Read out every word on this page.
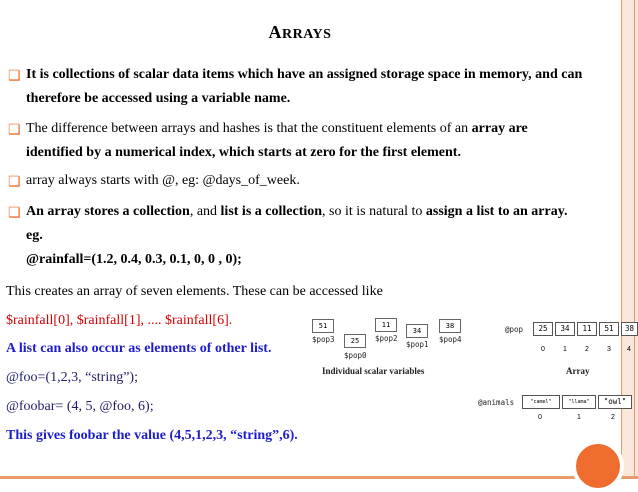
ARRAYS
❑ It is collections of scalar data items which have an assigned storage space in memory, and can therefore be accessed using a variable name.
❑ The difference between arrays and hashes is that the constituent elements of an array are identified by a numerical index, which starts at zero for the first element.
❑ array always starts with @, eg: @days_of_week.
❑ An array stores a collection, and list is a collection, so it is natural to assign a list to an array. eg.
@rainfall=(1.2, 0.4, 0.3, 0.1, 0, 0 , 0);
This creates an array of seven elements. These can be accessed like
$rainfall[0], $rainfall[1], .... $rainfall[6].
A list can also occur as elements of other list.
@foo=(1,2,3, “string”);
@foobar= (4, 5, @foo, 6);
This gives foobar the value (4,5,1,2,3, “string”,6).
51
$pop3	25
$pop0
11
$pop2
34
$pop1
38
$pop4
Individual scalar variables
@pop	25	34	11	51	38
0	1	2	3	4
Array
@animals	"camel"	"llama"	"owl"
0	1	2
